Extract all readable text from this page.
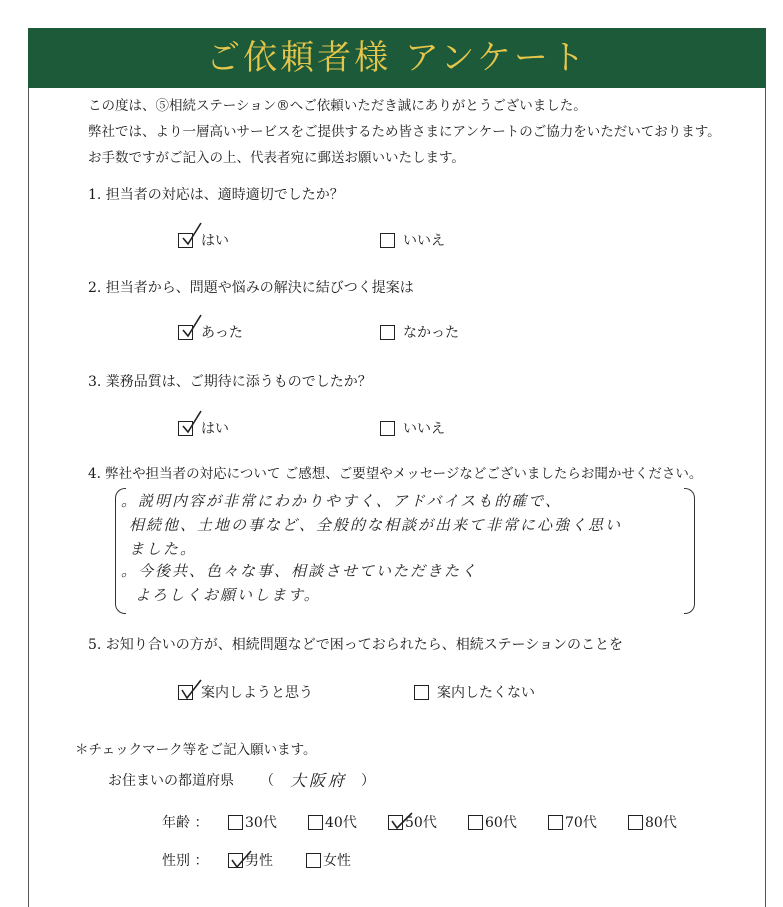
ご依頼者様 アンケート
この度は、⑤相続ステーション®へご依頼いただき誠にありがとうございました。
弊社では、より一層高いサービスをご提供するため皆さまにアンケートのご協力をいただいております。
お手数ですがご記入の上、代表者宛に郵送お願いいたします。
1. 担当者の対応は、適時適切でしたか？
はい	いいえ
2. 担当者から、問題や悩みの解決に結びつく提案は
あった	なかった
3. 業務品質は、ご期待に添うものでしたか？
はい	いいえ
4. 弊社や担当者の対応について ご感想、ご要望やメッセージなどございましたらお聞かせください。
。説明内容が非常にわかりやすく、アドバイスも的確で、
相続他、土地の事など、全般的な相談が出来て非常に心強く思い
ました。
。今後共、色々な事、相談させていただきたく
よろしくお願いします。
5. お知り合いの方が、相続問題などで困っておられたら、相続ステーションのことを
案内しようと思う	案内したくない
＊チェックマーク等をご記入願います。
お住まいの都道府県 （ 大阪府 ）
年齢 ：	30代	40代	50代	60代	70代	80代
性別 ：	男性	女性
